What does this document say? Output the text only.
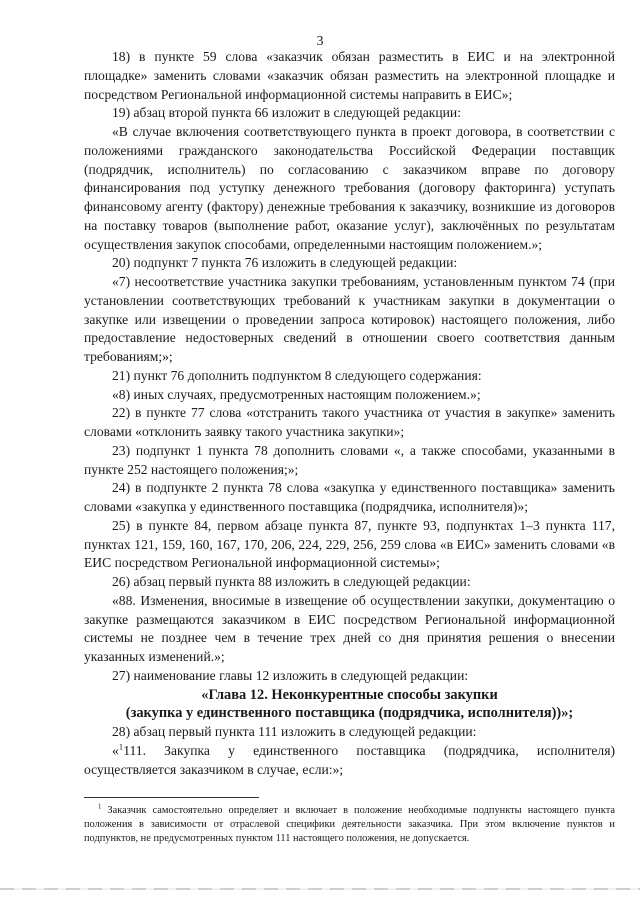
3

18) в пункте 59 слова «заказчик обязан разместить в ЕИС и на электронной площадке» заменить словами «заказчик обязан разместить на электронной площадке и посредством Региональной информационной системы направить в ЕИС»;

19) абзац второй пункта 66 изложит в следующей редакции:

«В случае включения соответствующего пункта в проект договора, в соответствии с положениями гражданского законодательства Российской Федерации поставщик (подрядчик, исполнитель) по согласованию с заказчиком вправе по договору финансирования под уступку денежного требования (договору факторинга) уступать финансовому агенту (фактору) денежные требования к заказчику, возникшие из договоров на поставку товаров (выполнение работ, оказание услуг), заключённых по результатам осуществления закупок способами, определенными настоящим положением.»;

20) подпункт 7 пункта 76 изложить в следующей редакции:

«7) несоответствие участника закупки требованиям, установленным пунктом 74 (при установлении соответствующих требований к участникам закупки в документации о закупке или извещении о проведении запроса котировок) настоящего положения, либо предоставление недостоверных сведений в отношении своего соответствия данным требованиям;»;

21) пункт 76 дополнить подпунктом 8 следующего содержания:

«8) иных случаях, предусмотренных настоящим положением.»;

22) в пункте 77 слова «отстранить такого участника от участия в закупке» заменить словами «отклонить заявку такого участника закупки»;

23) подпункт 1 пункта 78 дополнить словами «, а также способами, указанными в пункте 252 настоящего положения;»;

24) в подпункте 2 пункта 78 слова «закупка у единственного поставщика» заменить словами «закупка у единственного поставщика (подрядчика, исполнителя)»;

25) в пункте 84, первом абзаце пункта 87, пункте 93, подпунктах 1–3 пункта 117, пунктах 121, 159, 160, 167, 170, 206, 224, 229, 256, 259 слова «в ЕИС» заменить словами «в ЕИС посредством Региональной информационной системы»;

26) абзац первый пункта 88 изложить в следующей редакции:

«88. Изменения, вносимые в извещение об осуществлении закупки, документацию о закупке размещаются заказчиком в ЕИС посредством Региональной информационной системы не позднее чем в течение трех дней со дня принятия решения о внесении указанных изменений.»;

27) наименование главы 12 изложить в следующей редакции:

«Глава 12. Неконкурентные способы закупки

(закупка у единственного поставщика (подрядчика, исполнителя))»;

28) абзац первый пункта 111 изложить в следующей редакции:

«$^1$111. Закупка у единственного поставщика (подрядчика, исполнителя) осуществляется заказчиком в случае, если:»;

$^1$ Заказчик самостоятельно определяет и включает в положение необходимые подпункты настоящего пункта положения в зависимости от отраслевой специфики деятельности заказчика. При этом включение пунктов и подпунктов, не предусмотренных пунктом 111 настоящего положения, не допускается.
